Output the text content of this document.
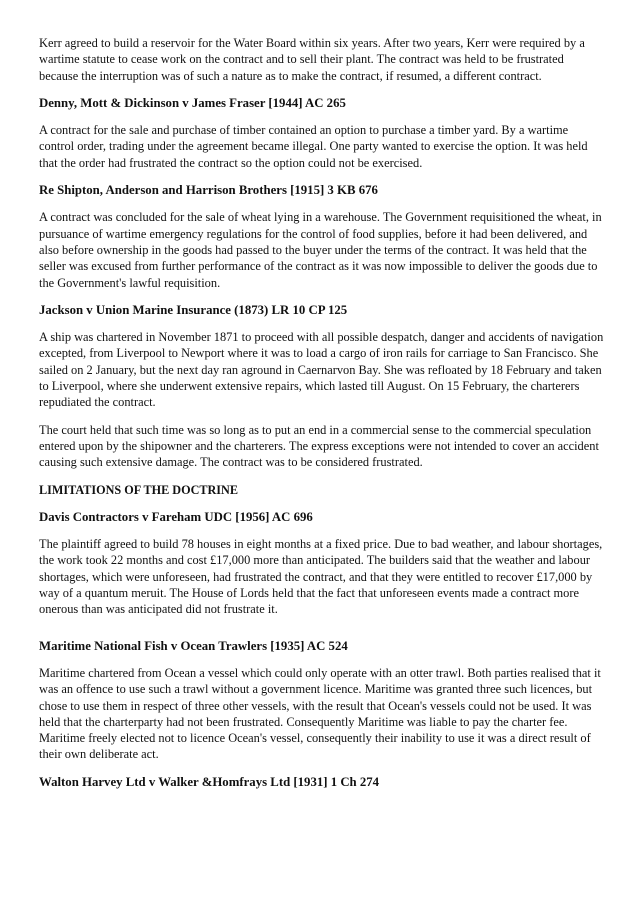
Kerr agreed to build a reservoir for the Water Board within six years. After two years, Kerr were required by a wartime statute to cease work on the contract and to sell their plant. The contract was held to be frustrated because the interruption was of such a nature as to make the contract, if resumed, a different contract.

Denny, Mott & Dickinson v James Fraser [1944] AC 265

A contract for the sale and purchase of timber contained an option to purchase a timber yard. By a wartime control order, trading under the agreement became illegal. One party wanted to exercise the option. It was held that the order had frustrated the contract so the option could not be exercised.

Re Shipton, Anderson and Harrison Brothers [1915] 3 KB 676

A contract was concluded for the sale of wheat lying in a warehouse. The Government requisitioned the wheat, in pursuance of wartime emergency regulations for the control of food supplies, before it had been delivered, and also before ownership in the goods had passed to the buyer under the terms of the contract. It was held that the seller was excused from further performance of the contract as it was now impossible to deliver the goods due to the Government's lawful requisition.

Jackson v Union Marine Insurance (1873) LR 10 CP 125

A ship was chartered in November 1871 to proceed with all possible despatch, danger and accidents of navigation excepted, from Liverpool to Newport where it was to load a cargo of iron rails for carriage to San Francisco. She sailed on 2 January, but the next day ran aground in Caernarvon Bay. She was refloated by 18 February and taken to Liverpool, where she underwent extensive repairs, which lasted till August. On 15 February, the charterers repudiated the contract.

The court held that such time was so long as to put an end in a commercial sense to the commercial speculation entered upon by the shipowner and the charterers. The express exceptions were not intended to cover an accident causing such extensive damage. The contract was to be considered frustrated.

LIMITATIONS OF THE DOCTRINE
Davis Contractors v Fareham UDC [1956] AC 696

The plaintiff agreed to build 78 houses in eight months at a fixed price. Due to bad weather, and labour shortages, the work took 22 months and cost £17,000 more than anticipated. The builders said that the weather and labour shortages, which were unforeseen, had frustrated the contract, and that they were entitled to recover £17,000 by way of a quantum meruit. The House of Lords held that the fact that unforeseen events made a contract more onerous than was anticipated did not frustrate it.

Maritime National Fish v Ocean Trawlers [1935] AC 524

Maritime chartered from Ocean a vessel which could only operate with an otter trawl. Both parties realised that it was an offence to use such a trawl without a government licence. Maritime was granted three such licences, but chose to use them in respect of three other vessels, with the result that Ocean's vessels could not be used. It was held that the charterparty had not been frustrated. Consequently Maritime was liable to pay the charter fee. Maritime freely elected not to licence Ocean's vessel, consequently their inability to use it was a direct result of their own deliberate act.

Walton Harvey Ltd v Walker &Homfrays Ltd [1931] 1 Ch 274
